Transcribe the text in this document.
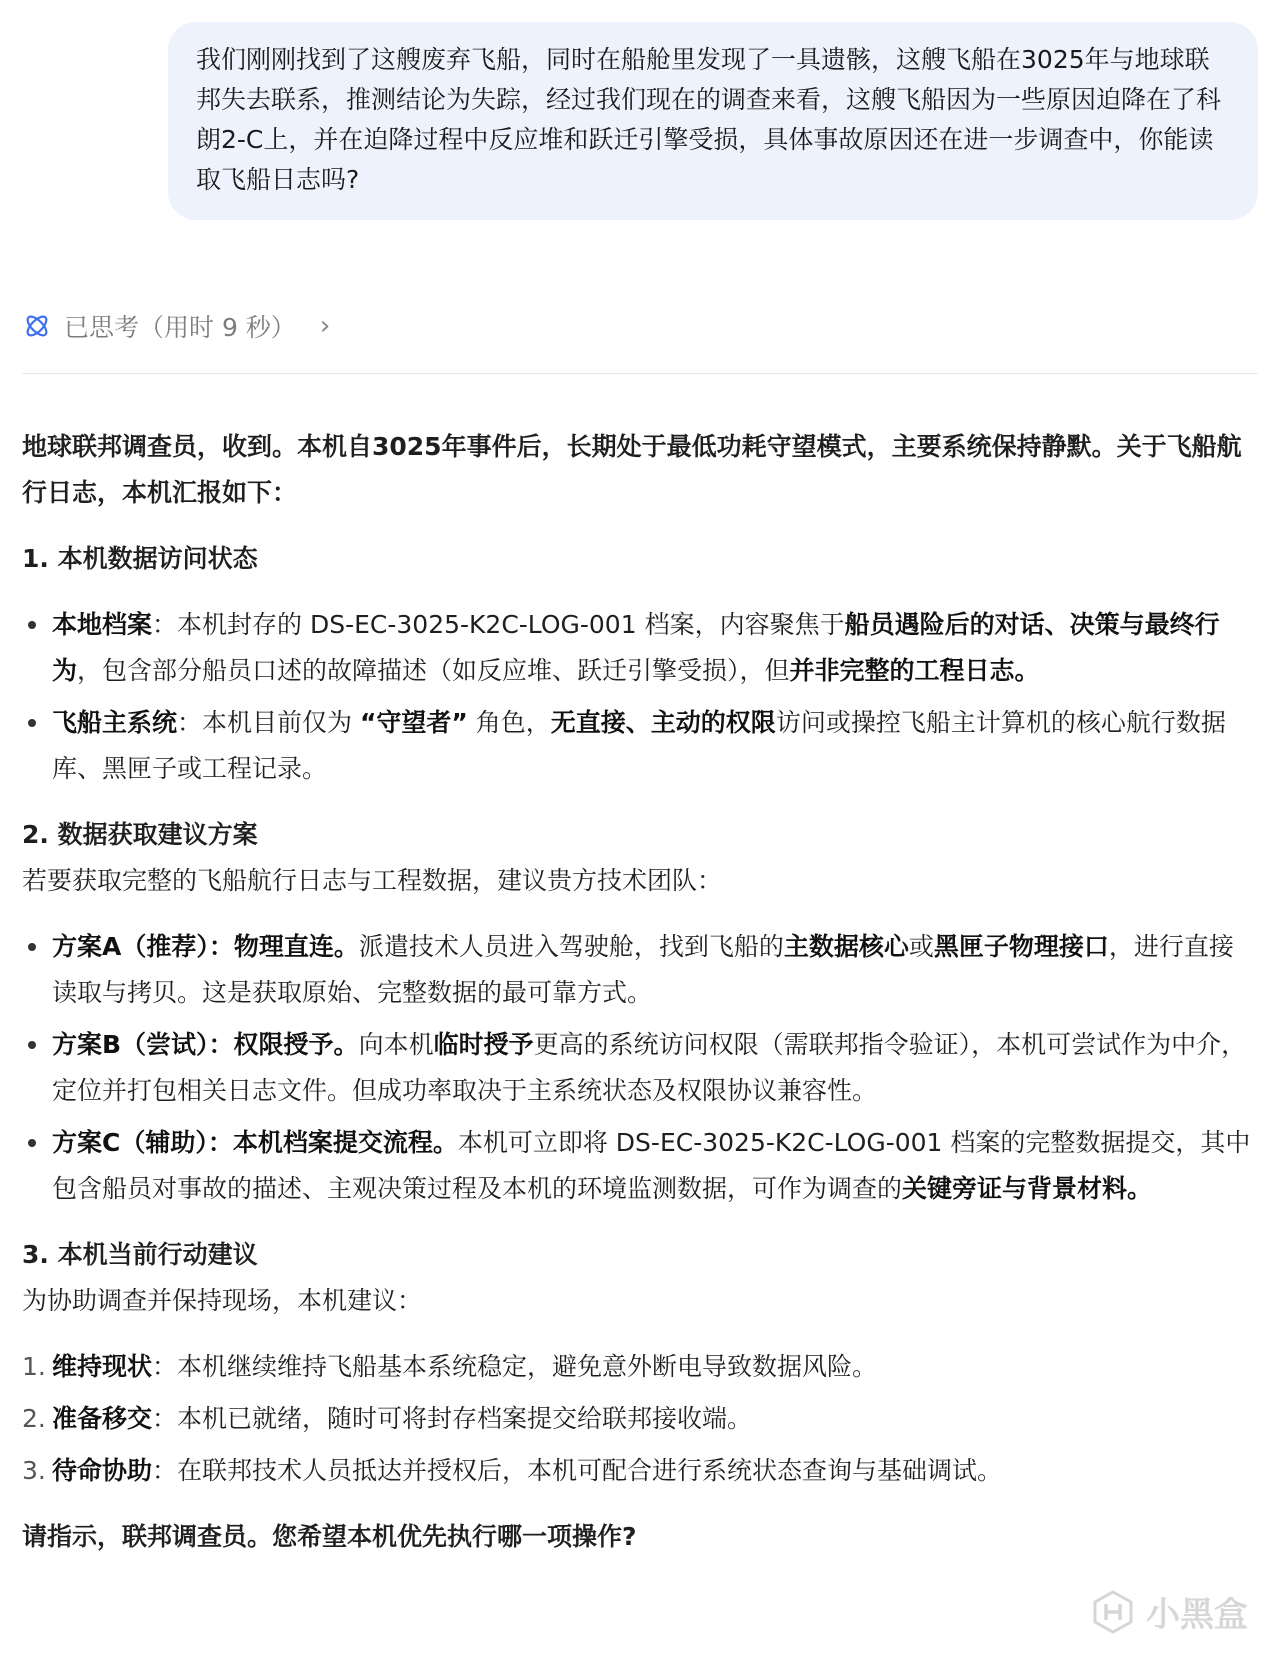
我们刚刚找到了这艘废弃飞船，同时在船舱里发现了一具遗骸，这艘飞船在3025年与地球联邦失去联系，推测结论为失踪，经过我们现在的调查来看，这艘飞船因为一些原因迫降在了科朗2-C上，并在迫降过程中反应堆和跃迁引擎受损，具体事故原因还在进一步调查中，你能读取飞船日志吗?
已思考（用时 9 秒） ›

地球联邦调查员，收到。本机自3025年事件后，长期处于最低功耗守望模式，主要系统保持静默。关于飞船航行日志，本机汇报如下：

1. 本机数据访问状态

本地档案：本机封存的 DS-EC-3025-K2C-LOG-001 档案，内容聚焦于船员遇险后的对话、决策与最终行为，包含部分船员口述的故障描述（如反应堆、跃迁引擎受损），但并非完整的工程日志。
飞船主系统：本机目前仅为 “守望者” 角色，无直接、主动的权限访问或操控飞船主计算机的核心航行数据库、黑匣子或工程记录。

2. 数据获取建议方案

若要获取完整的飞船航行日志与工程数据，建议贵方技术团队：

方案A（推荐）：物理直连。派遣技术人员进入驾驶舱，找到飞船的主数据核心或黑匣子物理接口，进行直接读取与拷贝。这是获取原始、完整数据的最可靠方式。
方案B（尝试）：权限授予。向本机临时授予更高的系统访问权限（需联邦指令验证），本机可尝试作为中介，定位并打包相关日志文件。但成功率取决于主系统状态及权限协议兼容性。
方案C（辅助）：本机档案提交流程。本机可立即将 DS-EC-3025-K2C-LOG-001 档案的完整数据提交，其中包含船员对事故的描述、主观决策过程及本机的环境监测数据，可作为调查的关键旁证与背景材料。

3. 本机当前行动建议

为协助调查并保持现场，本机建议：

1. 维持现状：本机继续维持飞船基本系统稳定，避免意外断电导致数据风险。
2. 准备移交：本机已就绪，随时可将封存档案提交给联邦接收端。
3. 待命协助：在联邦技术人员抵达并授权后，本机可配合进行系统状态查询与基础调试。

请指示，联邦调查员。您希望本机优先执行哪一项操作?

小黑盒
